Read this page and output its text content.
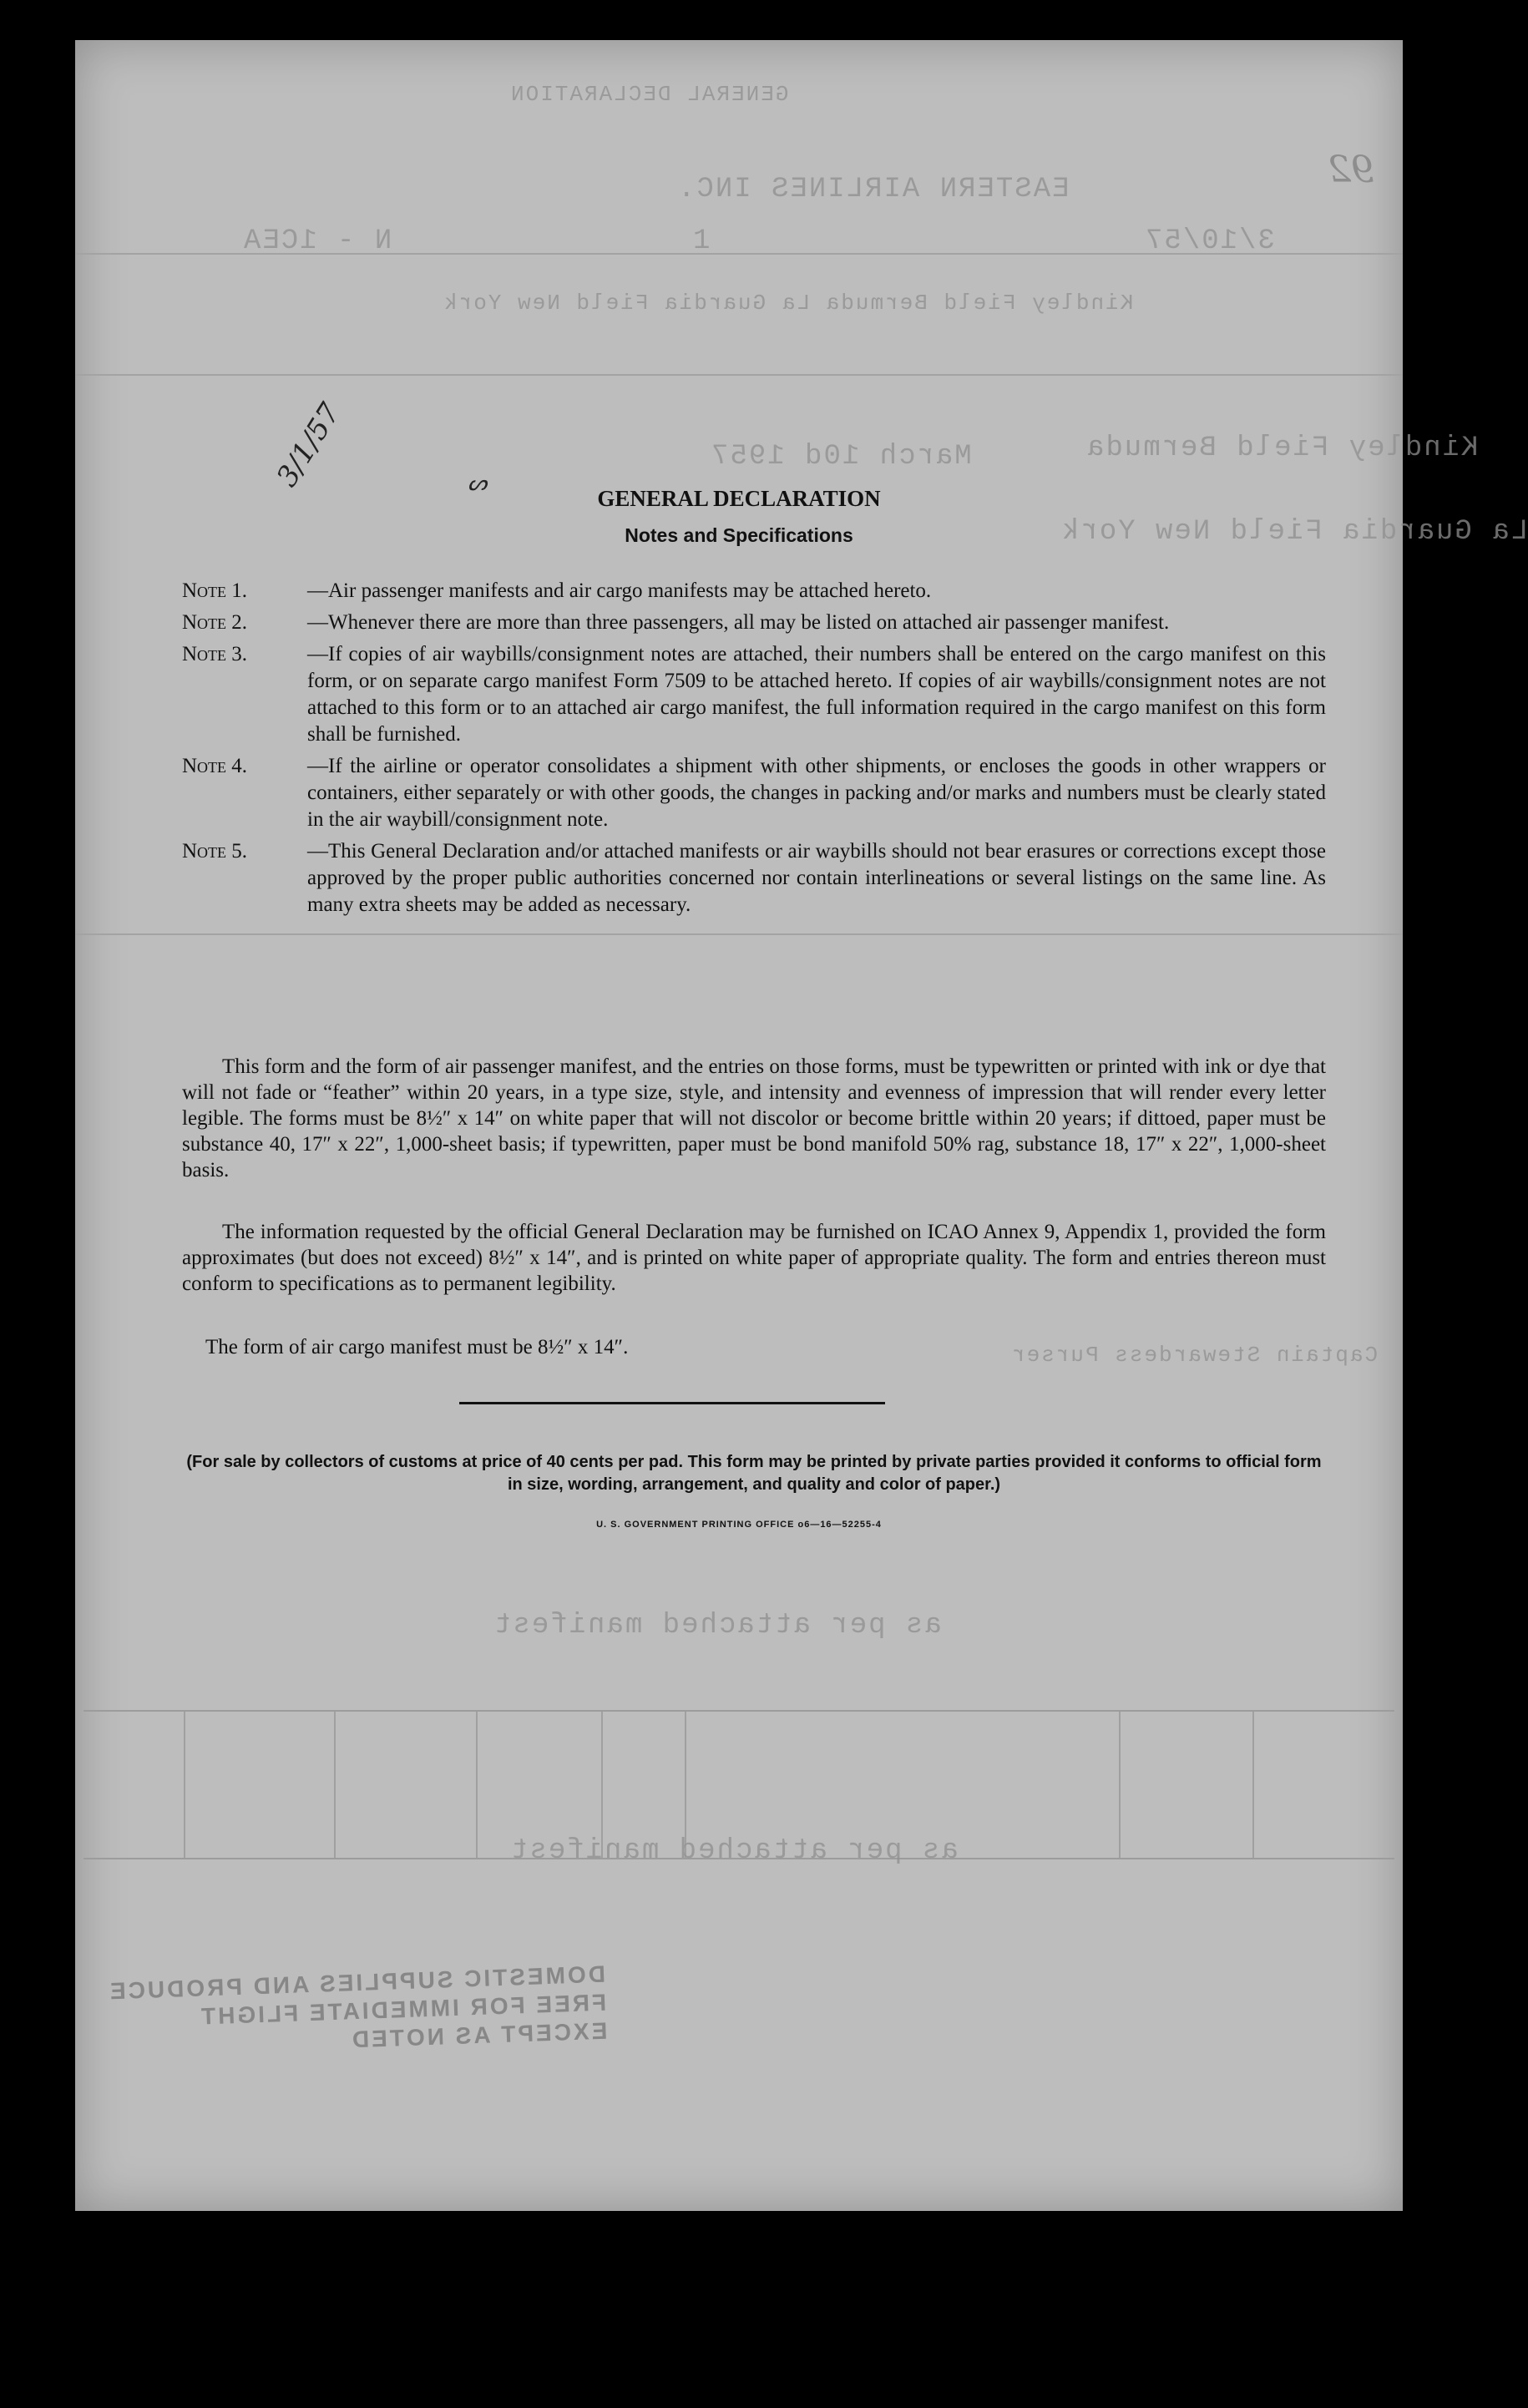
GENERAL DECLARATION
EASTERN AIRLINES INC.
N - 1CEA	1	3/10/57
Kindley Field Bermuda La Guardia Field New York
Kindley Field Bermuda
March 10d 1957
La Guardia Field New York
Captain Stewardess Purser
as per attached manifest
as per attached manifest
DOMESTIC SUPPLIES AND PRODUCE
FREE FOR IMMEDIATE FLIGHT
EXCEPT AS NOTED
92
3/1/57	ᔕ
GENERAL DECLARATION
Notes and Specifications
Note 1.	—Air passenger manifests and air cargo manifests may be attached hereto.
Note 2.	—Whenever there are more than three passengers, all may be listed on attached air passenger manifest.
Note 3.	—If copies of air waybills/consignment notes are attached, their numbers shall be entered on the cargo manifest on this form, or on separate cargo manifest Form 7509 to be attached hereto. If copies of air waybills/consignment notes are not attached to this form or to an attached air cargo manifest, the full information required in the cargo manifest on this form shall be furnished.
Note 4.	—If the airline or operator consolidates a shipment with other shipments, or encloses the goods in other wrappers or containers, either separately or with other goods, the changes in packing and/or marks and numbers must be clearly stated in the air waybill/consignment note.
Note 5.	—This General Declaration and/or attached manifests or air waybills should not bear erasures or corrections except those approved by the proper public authorities concerned nor contain interlineations or several listings on the same line. As many extra sheets may be added as necessary.
This form and the form of air passenger manifest, and the entries on those forms, must be typewritten or printed with ink or dye that will not fade or “feather” within 20 years, in a type size, style, and intensity and evenness of impression that will render every letter legible. The forms must be 8½″ x 14″ on white paper that will not discolor or become brittle within 20 years; if dittoed, paper must be substance 40, 17″ x 22″, 1,000-sheet basis; if typewritten, paper must be bond manifold 50% rag, substance 18, 17″ x 22″, 1,000-sheet basis.
The information requested by the official General Declaration may be furnished on ICAO Annex 9, Appendix 1, provided the form approximates (but does not exceed) 8½″ x 14″, and is printed on white paper of appropriate quality. The form and entries thereon must conform to specifications as to permanent legibility.
The form of air cargo manifest must be 8½″ x 14″.
(For sale by collectors of customs at price of 40 cents per pad. This form may be printed by private parties provided it conforms to official form in size, wording, arrangement, and quality and color of paper.)
U. S. GOVERNMENT PRINTING OFFICE o6—16—52255-4
